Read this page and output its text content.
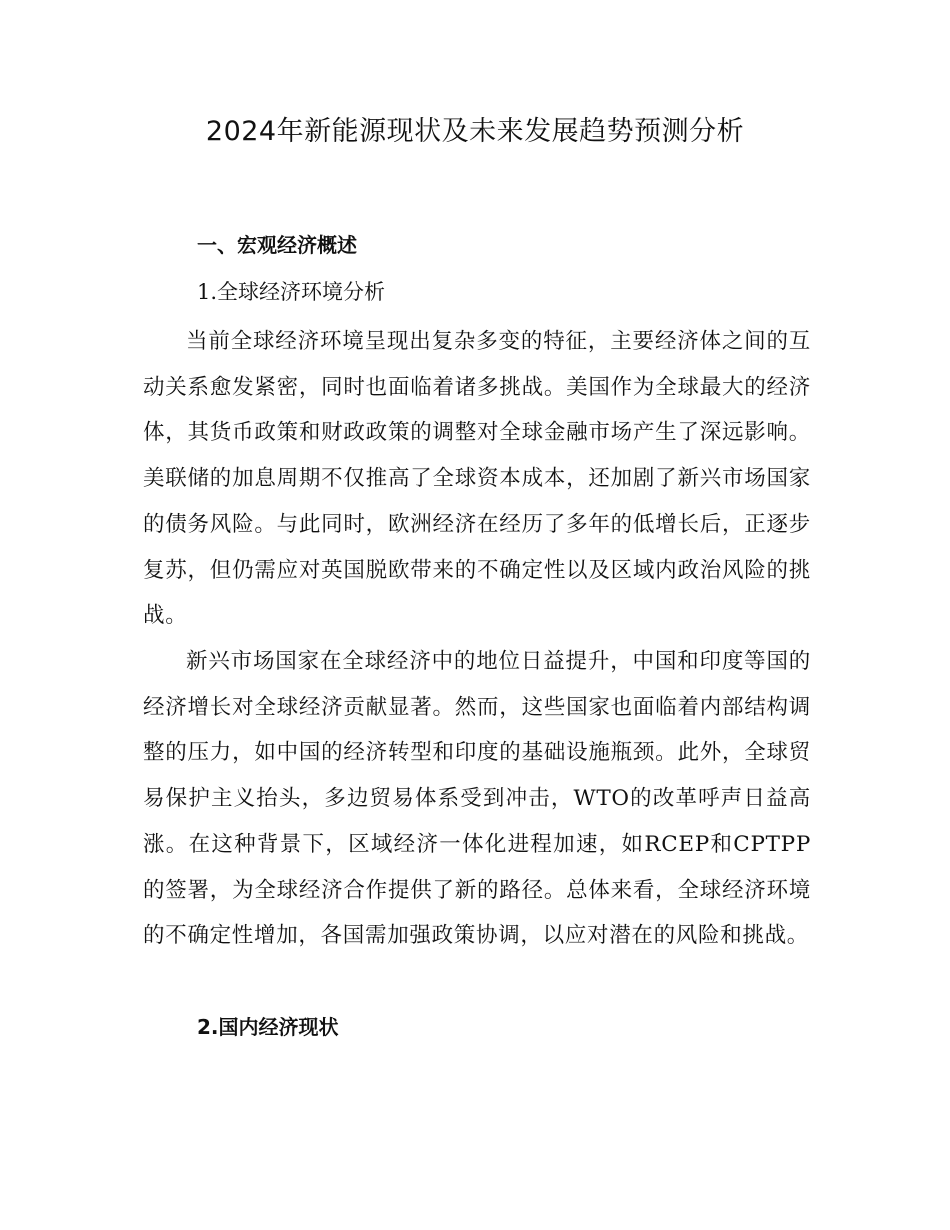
2024年新能源现状及未来发展趋势预测分析
一、宏观经济概述
1.全球经济环境分析

当前全球经济环境呈现出复杂多变的特征，主要经济体之间的互动关系愈发紧密，同时也面临着诸多挑战。美国作为全球最大的经济体，其货币政策和财政政策的调整对全球金融市场产生了深远影响。美联储的加息周期不仅推高了全球资本成本，还加剧了新兴市场国家的债务风险。与此同时，欧洲经济在经历了多年的低增长后，正逐步复苏，但仍需应对英国脱欧带来的不确定性以及区域内政治风险的挑战。

新兴市场国家在全球经济中的地位日益提升，中国和印度等国的经济增长对全球经济贡献显著。然而，这些国家也面临着内部结构调整的压力，如中国的经济转型和印度的基础设施瓶颈。此外，全球贸易保护主义抬头，多边贸易体系受到冲击，WTO的改革呼声日益高涨。在这种背景下，区域经济一体化进程加速，如RCEP和CPTPP的签署，为全球经济合作提供了新的路径。总体来看，全球经济环境的不确定性增加，各国需加强政策协调，以应对潜在的风险和挑战。

2.国内经济现状
